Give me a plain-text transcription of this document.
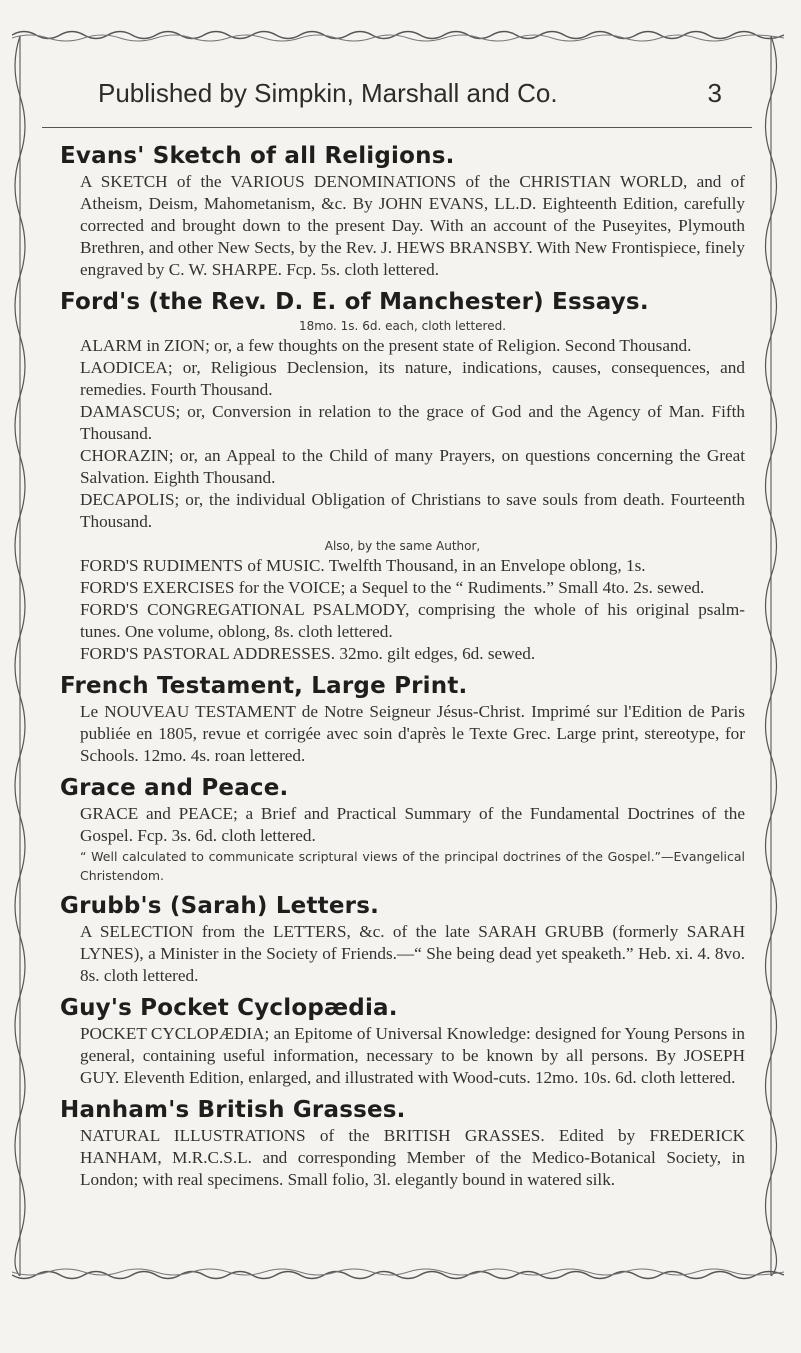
Published by Simpkin, Marshall and Co.	3
Evans' Sketch of all Religions.
A SKETCH of the VARIOUS DENOMINATIONS of the CHRISTIAN WORLD, and of Atheism, Deism, Mahometanism, &c. By JOHN EVANS, LL.D. Eighteenth Edition, carefully corrected and brought down to the present Day. With an account of the Puseyites, Plymouth Brethren, and other New Sects, by the Rev. J. HEWS BRANSBY. With New Frontispiece, finely engraved by C. W. SHARPE. Fcp. 5s. cloth lettered.
Ford's (the Rev. D. E. of Manchester) Essays.
18mo. 1s. 6d. each, cloth lettered.
ALARM in ZION; or, a few thoughts on the present state of Religion. Second Thousand.
LAODICEA; or, Religious Declension, its nature, indications, causes, consequences, and remedies. Fourth Thousand.
DAMASCUS; or, Conversion in relation to the grace of God and the Agency of Man. Fifth Thousand.
CHORAZIN; or, an Appeal to the Child of many Prayers, on questions concerning the Great Salvation. Eighth Thousand.
DECAPOLIS; or, the individual Obligation of Christians to save souls from death. Fourteenth Thousand.
Also, by the same Author,
FORD'S RUDIMENTS of MUSIC. Twelfth Thousand, in an Envelope oblong, 1s.
FORD'S EXERCISES for the VOICE; a Sequel to the “ Rudiments.” Small 4to. 2s. sewed.
FORD'S CONGREGATIONAL PSALMODY, comprising the whole of his original psalm-tunes. One volume, oblong, 8s. cloth lettered.
FORD'S PASTORAL ADDRESSES. 32mo. gilt edges, 6d. sewed.
French Testament, Large Print.
Le NOUVEAU TESTAMENT de Notre Seigneur Jésus-Christ. Imprimé sur l'Edition de Paris publiée en 1805, revue et corrigée avec soin d'après le Texte Grec. Large print, stereotype, for Schools. 12mo. 4s. roan lettered.
Grace and Peace.
GRACE and PEACE; a Brief and Practical Summary of the Fundamental Doctrines of the Gospel. Fcp. 3s. 6d. cloth lettered.
“ Well calculated to communicate scriptural views of the principal doctrines of the Gospel.”—Evangelical Christendom.
Grubb's (Sarah) Letters.
A SELECTION from the LETTERS, &c. of the late SARAH GRUBB (formerly SARAH LYNES), a Minister in the Society of Friends.—“ She being dead yet speaketh.” Heb. xi. 4. 8vo. 8s. cloth lettered.
Guy's Pocket Cyclopædia.
POCKET CYCLOPÆDIA; an Epitome of Universal Knowledge: designed for Young Persons in general, containing useful information, necessary to be known by all persons. By JOSEPH GUY. Eleventh Edition, enlarged, and illustrated with Wood-cuts. 12mo. 10s. 6d. cloth lettered.
Hanham's British Grasses.
NATURAL ILLUSTRATIONS of the BRITISH GRASSES. Edited by FREDERICK HANHAM, M.R.C.S.L. and corresponding Member of the Medico-Botanical Society, in London; with real specimens. Small folio, 3l. elegantly bound in watered silk.
